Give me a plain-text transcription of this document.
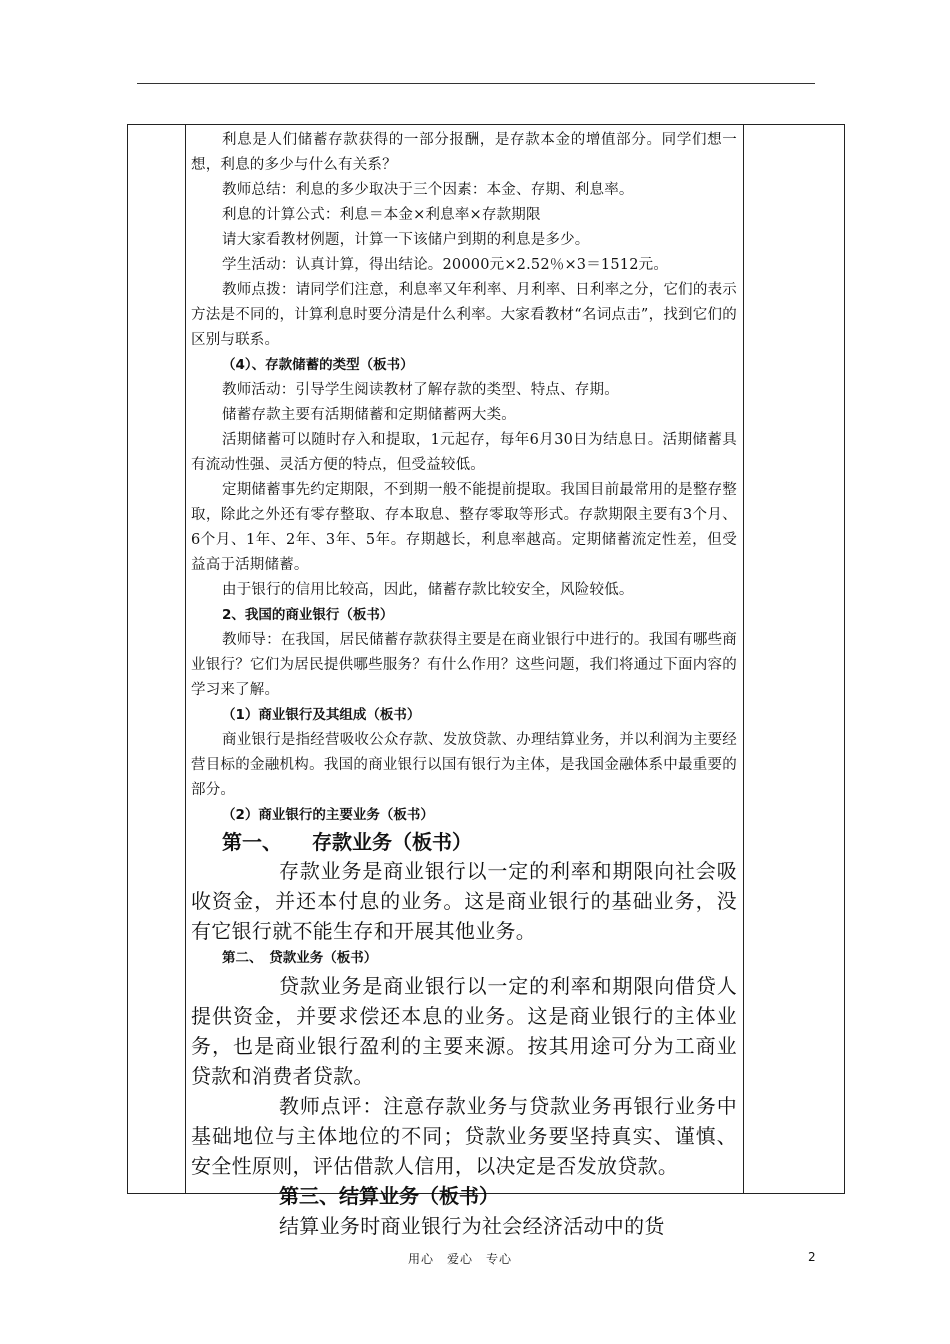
利息是人们储蓄存款获得的一部分报酬，是存款本金的增值部分。同学们想一想，利息的多少与什么有关系？

教师总结：利息的多少取决于三个因素：本金、存期、利息率。

利息的计算公式：利息＝本金×利息率×存款期限

请大家看教材例题，计算一下该储户到期的利息是多少。

学生活动：认真计算，得出结论。20000元×2.52％×3＝1512元。

教师点拨：请同学们注意，利息率又年利率、月利率、日利率之分，它们的表示方法是不同的，计算利息时要分清是什么利率。大家看教材“名词点击”，找到它们的区别与联系。

（4）、存款储蓄的类型（板书）

教师活动：引导学生阅读教材了解存款的类型、特点、存期。

储蓄存款主要有活期储蓄和定期储蓄两大类。

活期储蓄可以随时存入和提取，1元起存，每年6月30日为结息日。活期储蓄具有流动性强、灵活方便的特点，但受益较低。

定期储蓄事先约定期限，不到期一般不能提前提取。我国目前最常用的是整存整取，除此之外还有零存整取、存本取息、整存零取等形式。存款期限主要有3个月、6个月、1年、2年、3年、5年。存期越长，利息率越高。定期储蓄流定性差，但受益高于活期储蓄。

由于银行的信用比较高，因此，储蓄存款比较安全，风险较低。

2、我国的商业银行（板书）

教师导：在我国，居民储蓄存款获得主要是在商业银行中进行的。我国有哪些商业银行？它们为居民提供哪些服务？有什么作用？这些问题，我们将通过下面内容的学习来了解。

（1）商业银行及其组成（板书）

商业银行是指经营吸收公众存款、发放贷款、办理结算业务，并以利润为主要经营目标的金融机构。我国的商业银行以国有银行为主体，是我国金融体系中最重要的部分。

（2）商业银行的主要业务（板书）

第一、　　存款业务（板书）

存款业务是商业银行以一定的利率和期限向社会吸收资金，并还本付息的业务。这是商业银行的基础业务，没有它银行就不能生存和开展其他业务。

第二、　贷款业务（板书）

贷款业务是商业银行以一定的利率和期限向借贷人提供资金，并要求偿还本息的业务。这是商业银行的主体业务，也是商业银行盈利的主要来源。按其用途可分为工商业贷款和消费者贷款。

教师点评：注意存款业务与贷款业务再银行业务中基础地位与主体地位的不同；贷款业务要坚持真实、谨慎、安全性原则，评估借款人信用，以决定是否发放贷款。

第三、结算业务（板书）

结算业务时商业银行为社会经济活动中的货

用心　爱心　专心	2
